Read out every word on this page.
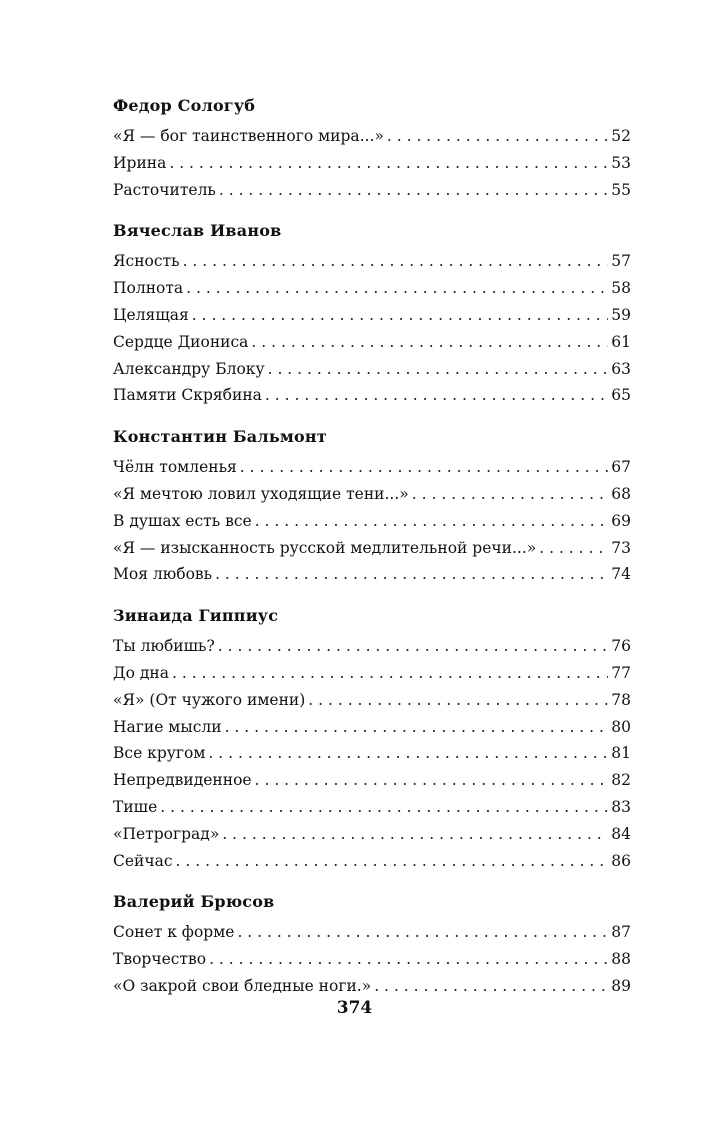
Федор Сологуб
«Я — бог таинственного мира...» . . .	52
Ирина . . .	53
Расточитель . . .	55
Вячеслав Иванов
Ясность . . .	57
Полнота . . .	58
Целящая . . .	59
Сердце Диониса . . .	61
Александру Блоку . . .	63
Памяти Скрябина . . .	65
Константин Бальмонт
Чёлн томленья . . .	67
«Я мечтою ловил уходящие тени...» . . .	68
В душах есть все . . .	69
«Я — изысканность русской медлительной речи...» . . .	73
Моя любовь . . .	74
Зинаида Гиппиус
Ты любишь? . . .	76
До дна . . .	77
«Я» (От чужого имени) . . .	78
Нагие мысли . . .	80
Все кругом . . .	81
Непредвиденное . . .	82
Тише . . .	83
«Петроград» . . .	84
Сейчас . . .	86
Валерий Брюсов
Сонет к форме . . .	87
Творчество . . .	88
«О закрой свои бледные ноги.» . . .	89
374
